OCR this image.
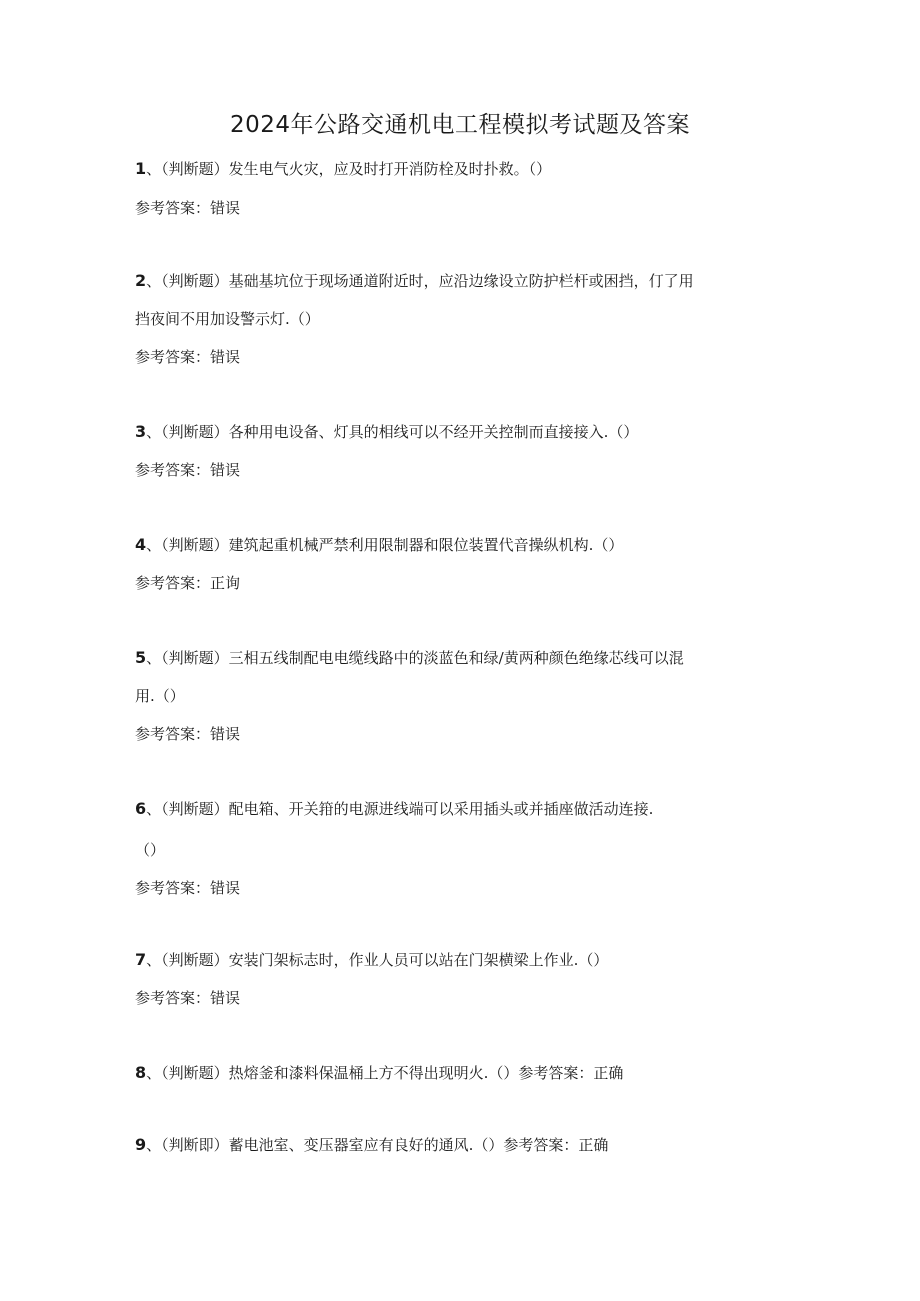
2024年公路交通机电工程模拟考试题及答案
1、（判断题）发生电气火灾，应及时打开消防栓及时扑救。（）
参考答案：错误
2、（判断题）基础基坑位于现场通道附近时，应沿边缘设立防护栏杆或困挡，仃了用
挡夜间不用加设警示灯.（）
参考答案：错误
3、（判断题）各种用电设备、灯具的相线可以不经开关控制而直接接入.（）
参考答案：错误
4、（判断题）建筑起重机械严禁利用限制器和限位装置代音操纵机构.（）
参考答案：正询
5、（判断题）三相五线制配电电缆线路中的淡蓝色和绿/黄两种颜色绝缘芯线可以混
用.（）
参考答案：错误
6、（判断题）配电箱、开关箝的电源进线端可以采用插头或并插座做活动连接.
（）
参考答案：错误
7、（判断题）安装门架标志时，作业人员可以站在门架横梁上作业.（）
参考答案：错误
8、（判断题）热熔釜和漆料保温桶上方不得出现明火.（）参考答案：正确
9、（判断即）蓄电池室、变压器室应有良好的通风.（）参考答案：正确
